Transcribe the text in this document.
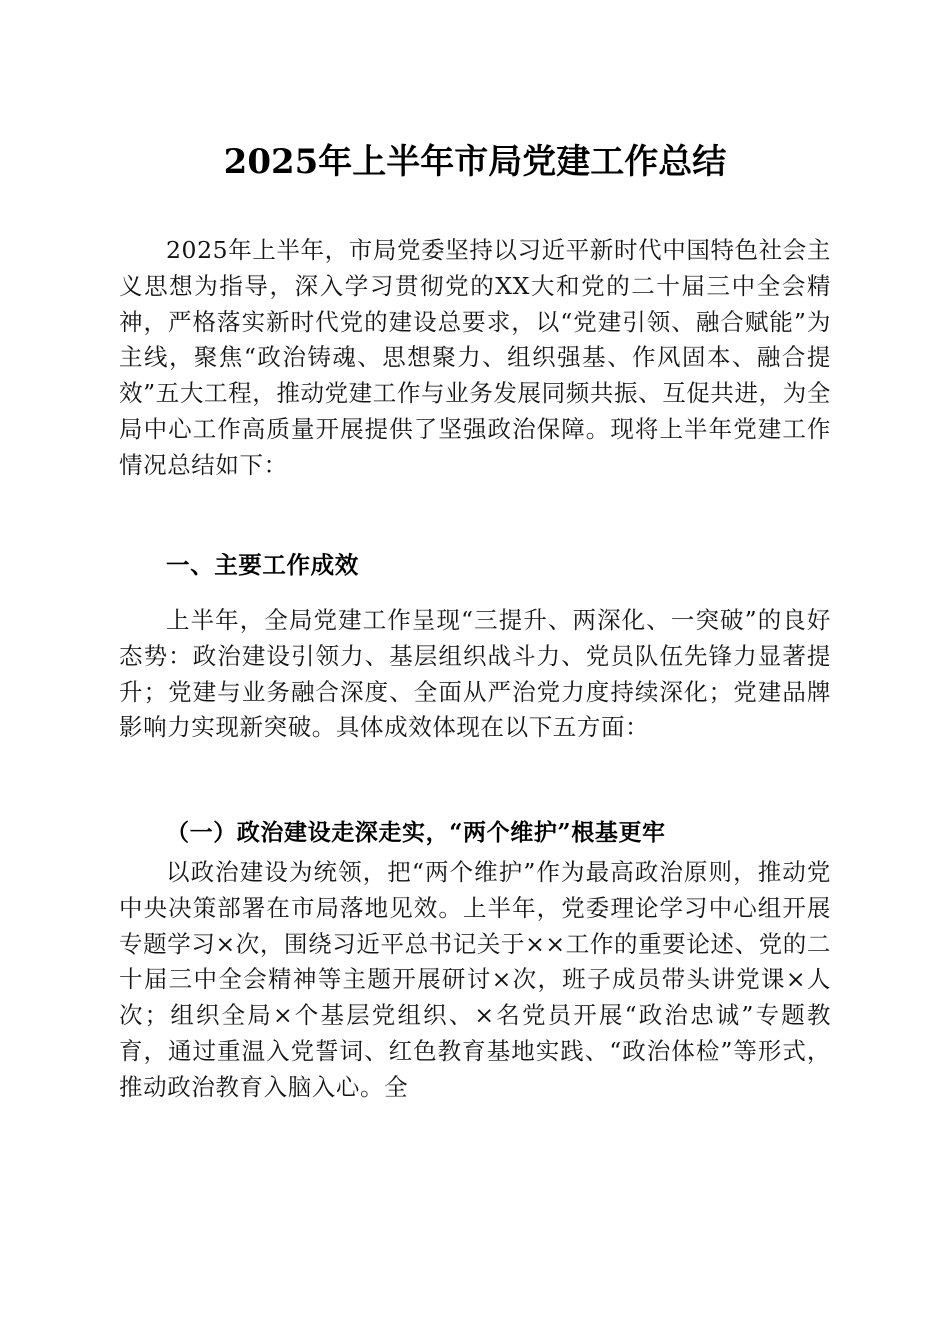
2025年上半年市局党建工作总结
2025年上半年，市局党委坚持以习近平新时代中国特色社会主义思想为指导，深入学习贯彻党的XX大和党的二十届三中全会精神，严格落实新时代党的建设总要求，以“党建引领、融合赋能”为主线，聚焦“政治铸魂、思想聚力、组织强基、作风固本、融合提效”五大工程，推动党建工作与业务发展同频共振、互促共进，为全局中心工作高质量开展提供了坚强政治保障。现将上半年党建工作情况总结如下：
一、主要工作成效
上半年，全局党建工作呈现“三提升、两深化、一突破”的良好态势：政治建设引领力、基层组织战斗力、党员队伍先锋力显著提升；党建与业务融合深度、全面从严治党力度持续深化；党建品牌影响力实现新突破。具体成效体现在以下五方面：
（一）政治建设走深走实，“两个维护”根基更牢
以政治建设为统领，把“两个维护”作为最高政治原则，推动党中央决策部署在市局落地见效。上半年，党委理论学习中心组开展专题学习×次，围绕习近平总书记关于××工作的重要论述、党的二十届三中全会精神等主题开展研讨×次，班子成员带头讲党课×人次；组织全局×个基层党组织、×名党员开展“政治忠诚”专题教育，通过重温入党誓词、红色教育基地实践、“政治体检”等形式，推动政治教育入脑入心。全
